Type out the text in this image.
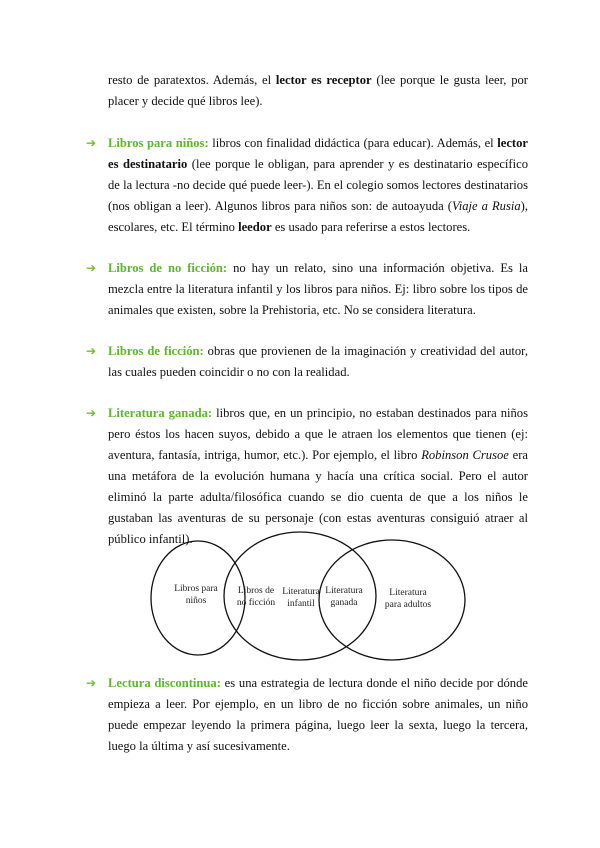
resto de paratextos. Además, el lector es receptor (lee porque le gusta leer, por placer y decide qué libros lee).

➔ Libros para niños: libros con finalidad didáctica (para educar). Además, el lector es destinatario (lee porque le obligan, para aprender y es destinatario específico de la lectura -no decide qué puede leer-). En el colegio somos lectores destinatarios (nos obligan a leer). Algunos libros para niños son: de autoayuda (Viaje a Rusia), escolares, etc. El término leedor es usado para referirse a estos lectores.

➔ Libros de no ficción: no hay un relato, sino una información objetiva. Es la mezcla entre la literatura infantil y los libros para niños. Ej: libro sobre los tipos de animales que existen, sobre la Prehistoria, etc. No se considera literatura.

➔ Libros de ficción: obras que provienen de la imaginación y creatividad del autor, las cuales pueden coincidir o no con la realidad.

➔ Literatura ganada: libros que, en un principio, no estaban destinados para niños pero éstos los hacen suyos, debido a que le atraen los elementos que tienen (ej: aventura, fantasía, intriga, humor, etc.). Por ejemplo, el libro Robinson Crusoe era una metáfora de la evolución humana y hacía una crítica social. Pero el autor eliminó la parte adulta/filosófica cuando se dio cuenta de que a los niños le gustaban las aventuras de su personaje (con estas aventuras consiguió atraer al público infantil).

Libros para
niños
Libros de
no ficción
Literatura
infantil
Literatura
ganada
Literatura
para adultos
➔ Lectura discontinua: es una estrategia de lectura donde el niño decide por dónde empieza a leer. Por ejemplo, en un libro de no ficción sobre animales, un niño puede empezar leyendo la primera página, luego leer la sexta, luego la tercera, luego la última y así sucesivamente.
